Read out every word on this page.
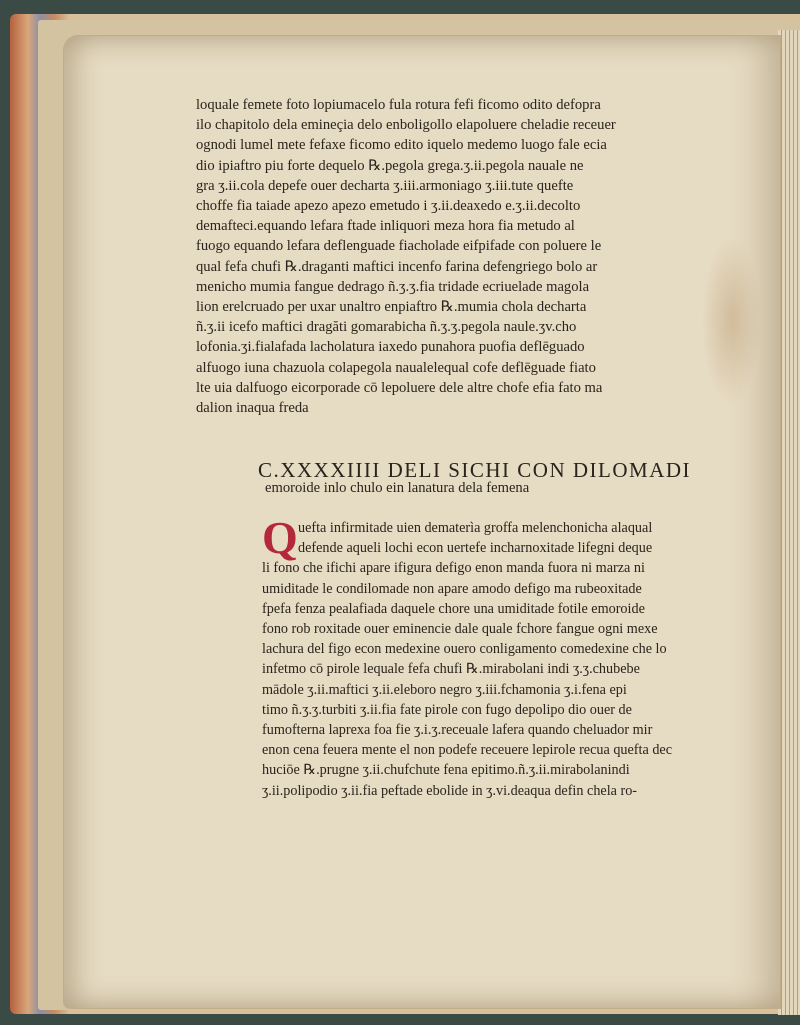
loquale femete foto lopiumacelo fula rotura fefi ficomo odito defopra
ilo chapitolo dela emineçia delo enboligollo elapoluere cheladie receuer
ognodi lumel mete fefaxe ficomo edito iquelo medemo luogo fale ecia
dio ipiaftro piu forte dequelo ℞.pegola grega.ʒ.ii.pegola nauale ne
gra ʒ.ii.cola depefe ouer decharta ʒ.iii.armoniago ʒ.iii.tute quefte
choffe fia taiade apezo apezo emetudo i ʒ.ii.deaxedo e.ʒ.ii.decolto
demafteci.equando lefara ftade inliquori meza hora fia metudo al
fuogo equando lefara deflenguade fiacholade eifpifade con poluere le
qual fefa chufi ℞.draganti maftici incenfo farina defengriego bolo ar
menicho mumia fangue dedrago ñ.ʒ.ʒ.fia tridade ecriuelade magola
lion erelcruado per uxar unaltro enpiaftro ℞.mumia chola decharta
ñ.ʒ.ii icefo maftici dragăti gomarabicha ñ.ʒ.ʒ.pegola naule.ʒv.cho
lofonia.ʒi.fialafada lacholatura iaxedo punahora puofia deflēguado
alfuogo iuna chazuola colapegola naualelequal cofe deflēguade fiato
lte uia dalfuogo eicorporade cō lepoluere dele altre chofe efia fato ma
dalion inaqua freda
C.XXXXIIII DELI SICHI CON DILOMADI
emoroide inlo chulo ein lanatura dela femena
Q uefta infirmitade uien dematerìa groffa melenchonicha alaqual
defende aqueli lochi econ uertefe incharnoxitade lifegni deque
li fono che ifichi apare ifigura defigo enon manda fuora ni marza ni
umiditade le condilomade non apare amodo defigo ma rubeoxitade
fpefa fenza pealafiada daquele chore una umiditade fotile emoroide
fono rob roxitade ouer eminencie dale quale fchore fangue ogni mexe
lachura del figo econ medexine ouero conligamento comedexine che lo
infetmo cō pirole lequale fefa chufi ℞.mirabolani indi ʒ.ʒ.chubebe
mādole ʒ.ii.maftici ʒ.ii.eleboro negro ʒ.iii.fchamonia ʒ.i.fena epi
timo ñ.ʒ.ʒ.turbiti ʒ.ii.fia fate pirole con fugo depolipo dio ouer de
fumofterna laprexa foa fie ʒ.i.ʒ.receuale lafera quando cheluador mir
enon cena feuera mente el non podefe receuere lepirole recua quefta dec
huciōe ℞.prugne ʒ.ii.chufchute fena epitimo.ñ.ʒ.ii.mirabolanindi
ʒ.ii.polipodio ʒ.ii.fia peftade ebolide in ʒ.vi.deaqua defin chela ro-
